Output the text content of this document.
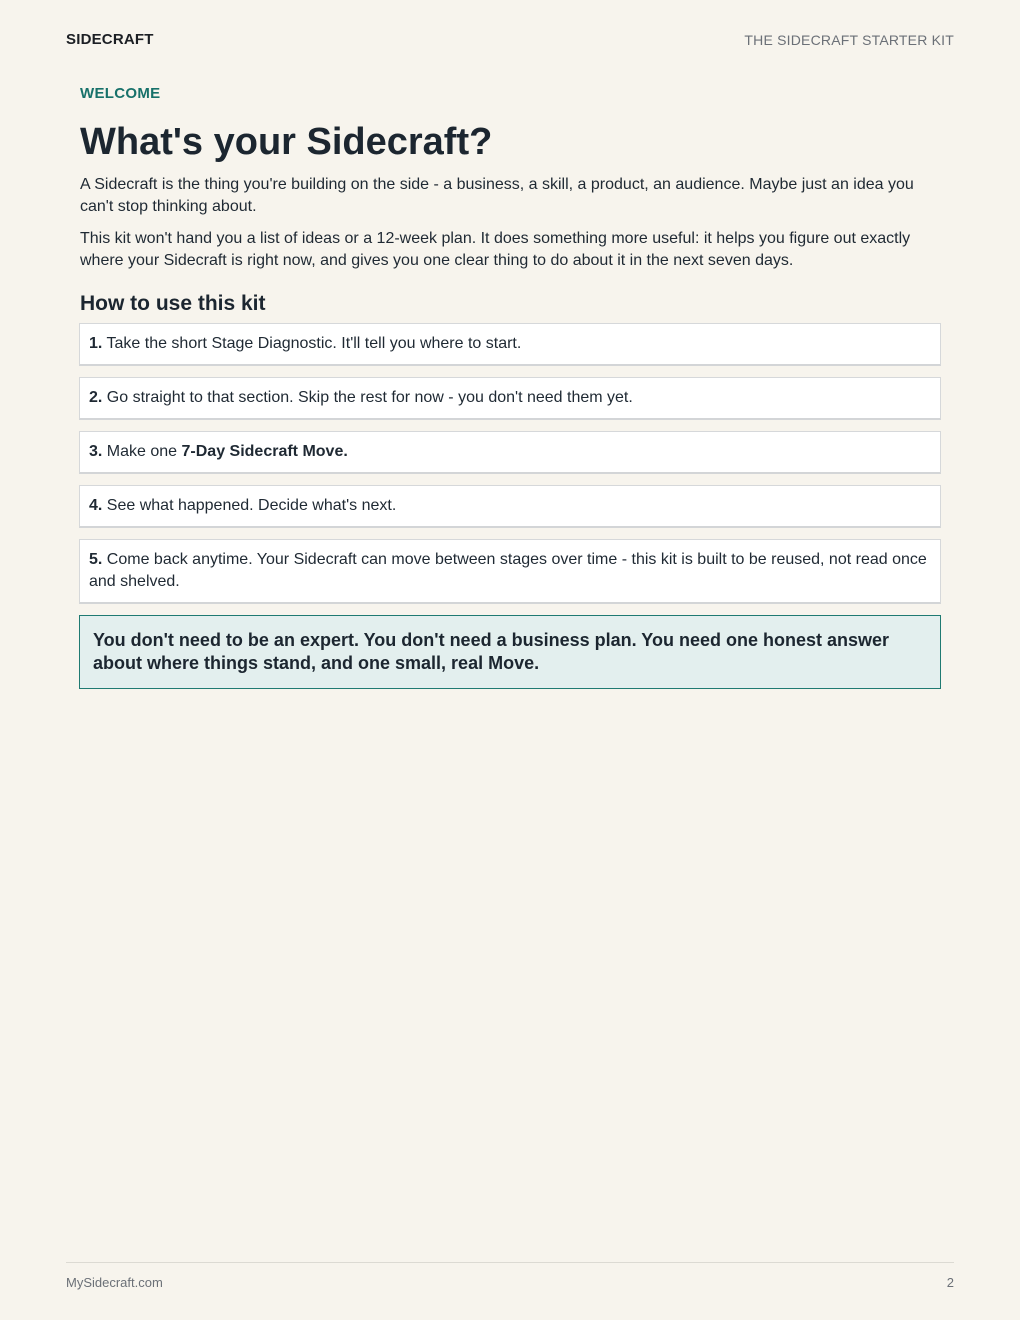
SIDECRAFT	THE SIDECRAFT STARTER KIT

WELCOME

What's your Sidecraft?

A Sidecraft is the thing you're building on the side - a business, a skill, a product, an audience. Maybe just an idea you can't stop thinking about.

This kit won't hand you a list of ideas or a 12-week plan. It does something more useful: it helps you figure out exactly where your Sidecraft is right now, and gives you one clear thing to do about it in the next seven days.

How to use this kit
1. Take the short Stage Diagnostic. It'll tell you where to start.
2. Go straight to that section. Skip the rest for now - you don't need them yet.
3. Make one 7-Day Sidecraft Move.
4. See what happened. Decide what's next.
5. Come back anytime. Your Sidecraft can move between stages over time - this kit is built to be reused, not read once and shelved.
You don't need to be an expert. You don't need a business plan. You need one honest answer about where things stand, and one small, real Move.
MySidecraft.com	2
